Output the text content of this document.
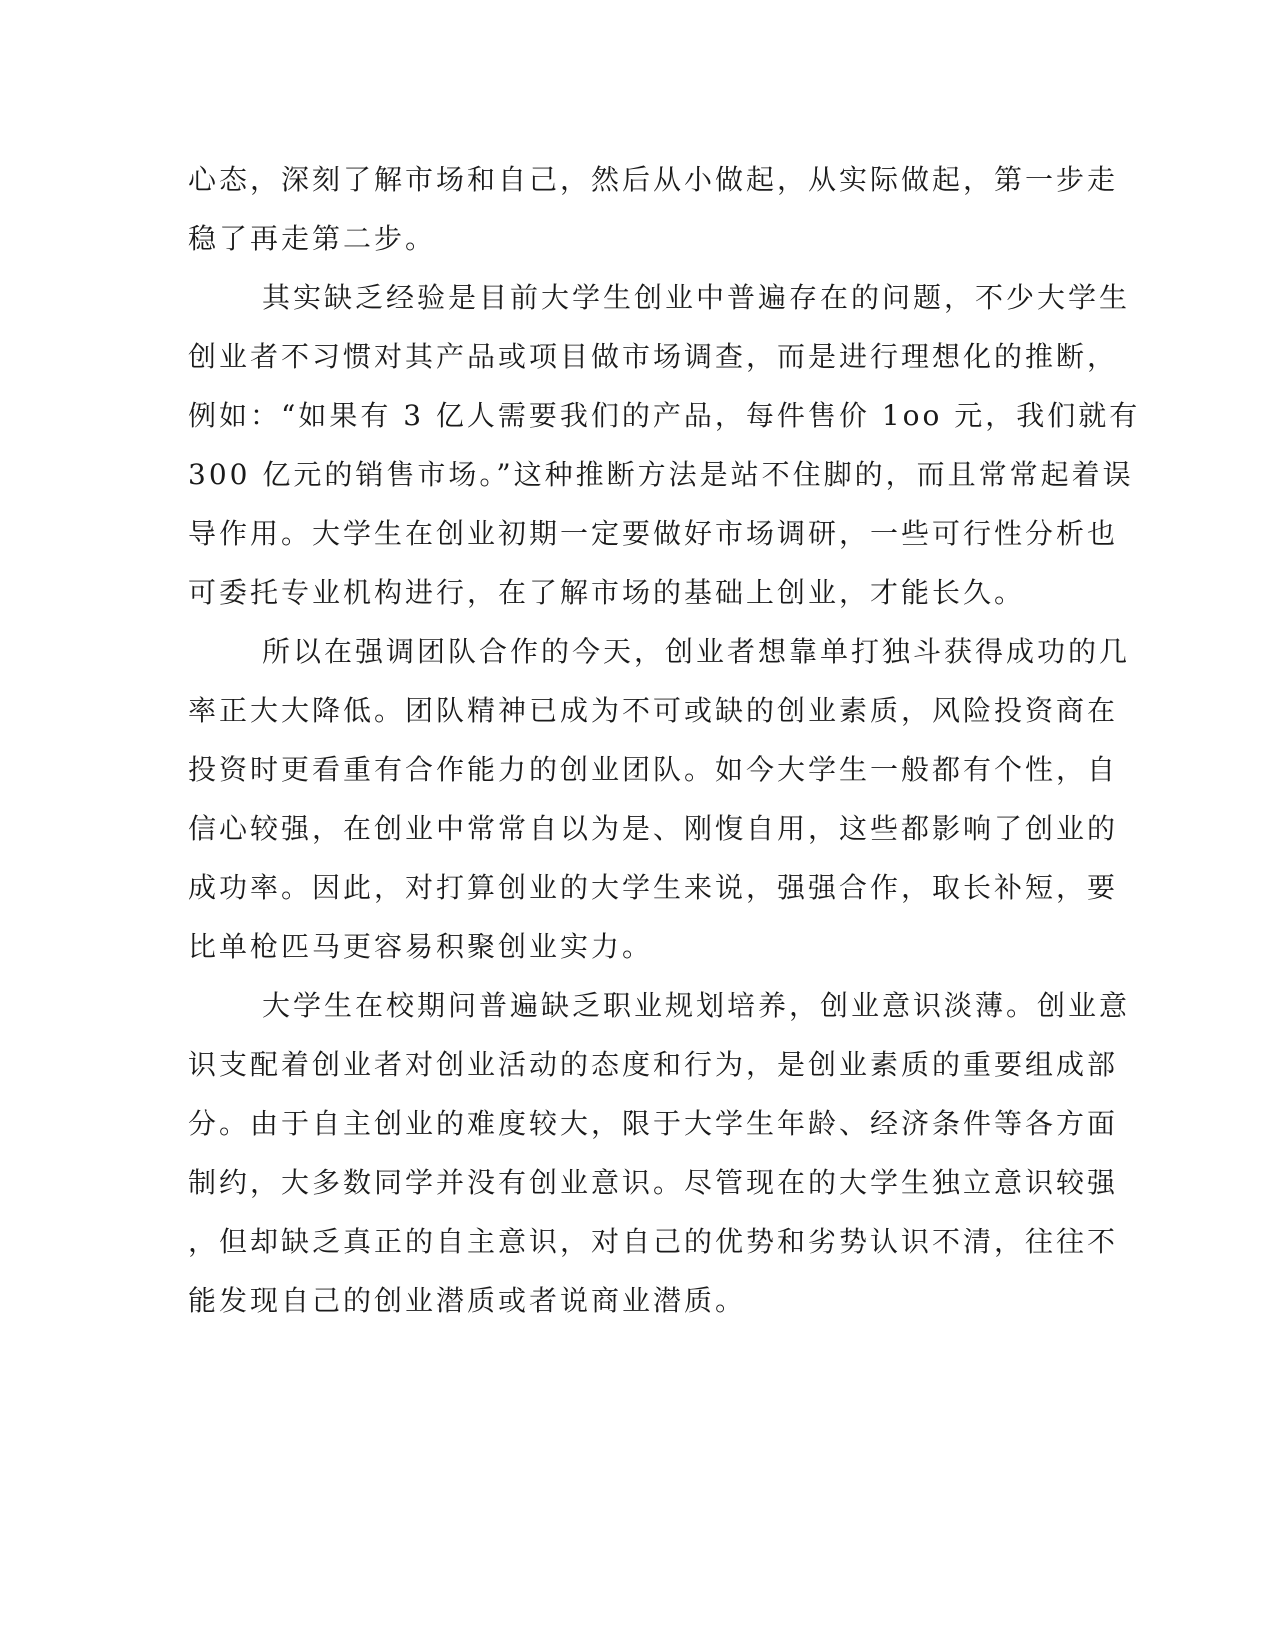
心态，深刻了解市场和自己，然后从小做起，从实际做起，第一步走
稳了再走第二步。
其实缺乏经验是目前大学生创业中普遍存在的问题，不少大学生
创业者不习惯对其产品或项目做市场调查，而是进行理想化的推断，
例如：“如果有 3 亿人需要我们的产品，每件售价 1oo 元，我们就有
300 亿元的销售市场。”这种推断方法是站不住脚的，而且常常起着误
导作用。大学生在创业初期一定要做好市场调研，一些可行性分析也
可委托专业机构进行，在了解市场的基础上创业，才能长久。
所以在强调团队合作的今天，创业者想靠单打独斗获得成功的几
率正大大降低。团队精神已成为不可或缺的创业素质，风险投资商在
投资时更看重有合作能力的创业团队。如今大学生一般都有个性，自
信心较强，在创业中常常自以为是、刚愎自用，这些都影响了创业的
成功率。因此，对打算创业的大学生来说，强强合作，取长补短，要
比单枪匹马更容易积聚创业实力。
大学生在校期问普遍缺乏职业规划培养，创业意识淡薄。创业意
识支配着创业者对创业活动的态度和行为，是创业素质的重要组成部
分。由于自主创业的难度较大，限于大学生年龄、经济条件等各方面
制约，大多数同学并没有创业意识。尽管现在的大学生独立意识较强
，但却缺乏真正的自主意识，对自己的优势和劣势认识不清，往往不
能发现自己的创业潜质或者说商业潜质。
